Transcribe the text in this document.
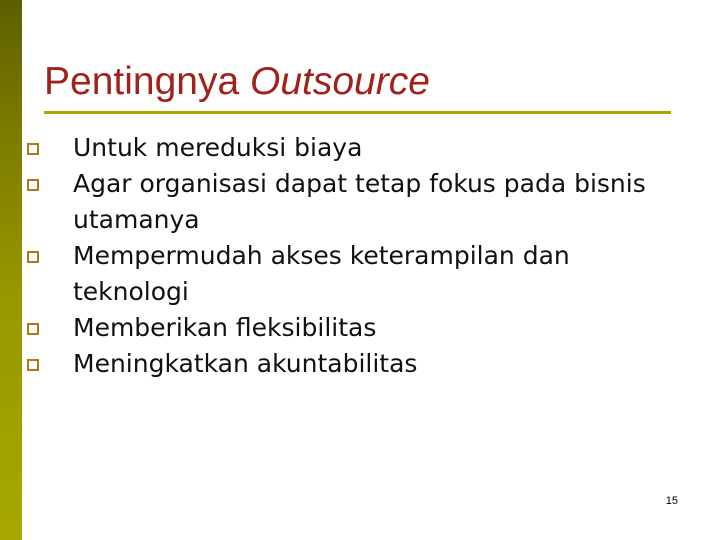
Pentingnya Outsource
Untuk mereduksi biaya
Agar organisasi dapat tetap fokus pada bisnis utamanya
Mempermudah akses keterampilan dan teknologi
Memberikan fleksibilitas
Meningkatkan akuntabilitas
15
